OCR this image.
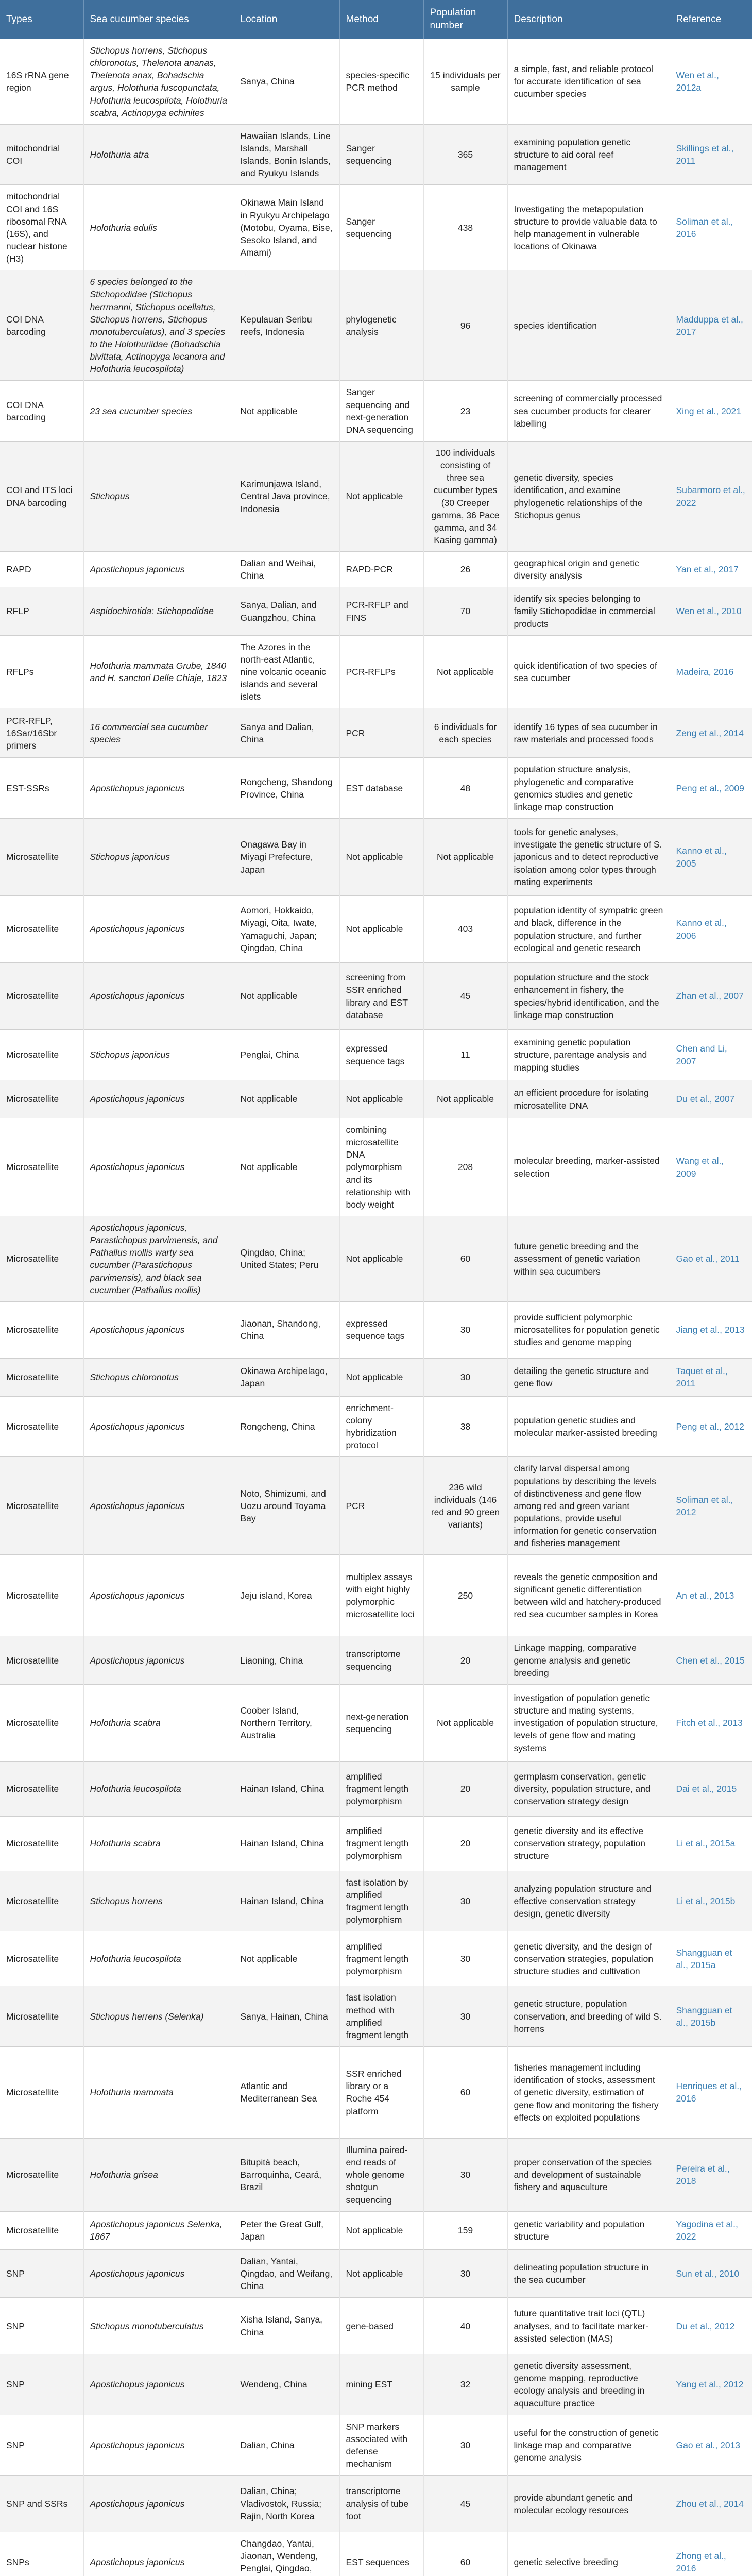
Types	Sea cucumber species	Location	Method	Population number	Description	Reference
16S rRNA gene region	Stichopus horrens, Stichopus chloronotus, Thelenota ananas, Thelenota anax, Bohadschia argus, Holothuria fuscopunctata, Holothuria leucospilota, Holothuria scabra, Actinopyga echinites	Sanya, China	species-specific PCR method	15 individuals per sample	a simple, fast, and reliable protocol for accurate identification of sea cucumber species	Wen et al., 2012a
mitochondrial COI	Holothuria atra	Hawaiian Islands, Line Islands, Marshall Islands, Bonin Islands, and Ryukyu Islands	Sanger sequencing	365	examining population genetic structure to aid coral reef management	Skillings et al., 2011
mitochondrial COI and 16S ribosomal RNA (16S), and nuclear histone (H3)	Holothuria edulis	Okinawa Main Island in Ryukyu Archipelago (Motobu, Oyama, Bise, Sesoko Island, and Amami)	Sanger sequencing	438	Investigating the metapopulation structure to provide valuable data to help management in vulnerable locations of Okinawa	Soliman et al., 2016
COI DNA barcoding	6 species belonged to the Stichopodidae (Stichopus herrmanni, Stichopus ocellatus, Stichopus horrens, Stichopus monotuberculatus), and 3 species to the Holothuriidae (Bohadschia bivittata, Actinopyga lecanora and Holothuria leucospilota)	Kepulauan Seribu reefs, Indonesia	phylogenetic analysis	96	species identification	Madduppa et al., 2017
COI DNA barcoding	23 sea cucumber species	Not applicable	Sanger sequencing and next-generation DNA sequencing	23	screening of commercially processed sea cucumber products for clearer labelling	Xing et al., 2021
COI and ITS loci DNA barcoding	Stichopus	Karimunjawa Island, Central Java province, Indonesia	Not applicable	100 individuals consisting of three sea cucumber types (30 Creeper gamma, 36 Pace gamma, and 34 Kasing gamma)	genetic diversity, species identification, and examine phylogenetic relationships of the Stichopus genus	Subarmoro et al., 2022
RAPD	Apostichopus japonicus	Dalian and Weihai, China	RAPD-PCR	26	geographical origin and genetic diversity analysis	Yan et al., 2017
RFLP	Aspidochirotida: Stichopodidae	Sanya, Dalian, and Guangzhou, China	PCR-RFLP and FINS	70	identify six species belonging to family Stichopodidae in commercial products	Wen et al., 2010
RFLPs	Holothuria mammata Grube, 1840 and H. sanctori Delle Chiaje, 1823	The Azores in the north-east Atlantic, nine volcanic oceanic islands and several islets	PCR-RFLPs	Not applicable	quick identification of two species of sea cucumber	Madeira, 2016
PCR-RFLP, 16Sar/16Sbr primers	16 commercial sea cucumber species	Sanya and Dalian, China	PCR	6 individuals for each species	identify 16 types of sea cucumber in raw materials and processed foods	Zeng et al., 2014
EST-SSRs	Apostichopus japonicus	Rongcheng, Shandong Province, China	EST database	48	population structure analysis, phylogenetic and comparative genomics studies and genetic linkage map construction	Peng et al., 2009
Microsatellite	Stichopus japonicus	Onagawa Bay in Miyagi Prefecture, Japan	Not applicable	Not applicable	tools for genetic analyses, investigate the genetic structure of S. japonicus and to detect reproductive isolation among color types through mating experiments	Kanno et al., 2005
Microsatellite	Apostichopus japonicus	Aomori, Hokkaido, Miyagi, Oita, Iwate, Yamaguchi, Japan; Qingdao, China	Not applicable	403	population identity of sympatric green and black, difference in the population structure, and further ecological and genetic research	Kanno et al., 2006
Microsatellite	Apostichopus japonicus	Not applicable	screening from SSR enriched library and EST database	45	population structure and the stock enhancement in fishery, the species/hybrid identification, and the linkage map construction	Zhan et al., 2007
Microsatellite	Stichopus japonicus	Penglai, China	expressed sequence tags	11	examining genetic population structure, parentage analysis and mapping studies	Chen and Li, 2007
Microsatellite	Apostichopus japonicus	Not applicable	Not applicable	Not applicable	an efficient procedure for isolating microsatellite DNA	Du et al., 2007
Microsatellite	Apostichopus japonicus	Not applicable	combining microsatellite DNA polymorphism and its relationship with body weight	208	molecular breeding, marker-assisted selection	Wang et al., 2009
Microsatellite	Apostichopus japonicus, Parastichopus parvimensis, and Pathallus mollis warty sea cucumber (Parastichopus parvimensis), and black sea cucumber (Pathallus mollis)	Qingdao, China; United States; Peru	Not applicable	60	future genetic breeding and the assessment of genetic variation within sea cucumbers	Gao et al., 2011
Microsatellite	Apostichopus japonicus	Jiaonan, Shandong, China	expressed sequence tags	30	provide sufficient polymorphic microsatellites for population genetic studies and genome mapping	Jiang et al., 2013
Microsatellite	Stichopus chloronotus	Okinawa Archipelago, Japan	Not applicable	30	detailing the genetic structure and gene flow	Taquet et al., 2011
Microsatellite	Apostichopus japonicus	Rongcheng, China	enrichment-colony hybridization protocol	38	population genetic studies and molecular marker-assisted breeding	Peng et al., 2012
Microsatellite	Apostichopus japonicus	Noto, Shimizumi, and Uozu around Toyama Bay	PCR	236 wild individuals (146 red and 90 green variants)	clarify larval dispersal among populations by describing the levels of distinctiveness and gene flow among red and green variant populations, provide useful information for genetic conservation and fisheries management	Soliman et al., 2012
Microsatellite	Apostichopus japonicus	Jeju island, Korea	multiplex assays with eight highly polymorphic microsatellite loci	250	reveals the genetic composition and significant genetic differentiation between wild and hatchery-produced red sea cucumber samples in Korea	An et al., 2013
Microsatellite	Apostichopus japonicus	Liaoning, China	transcriptome sequencing	20	Linkage mapping, comparative genome analysis and genetic breeding	Chen et al., 2015
Microsatellite	Holothuria scabra	Coober Island, Northern Territory, Australia	next-generation sequencing	Not applicable	investigation of population genetic structure and mating systems, investigation of population structure, levels of gene flow and mating systems	Fitch et al., 2013
Microsatellite	Holothuria leucospilota	Hainan Island, China	amplified fragment length polymorphism	20	germplasm conservation, genetic diversity, population structure, and conservation strategy design	Dai et al., 2015
Microsatellite	Holothuria scabra	Hainan Island, China	amplified fragment length polymorphism	20	genetic diversity and its effective conservation strategy, population structure	Li et al., 2015a
Microsatellite	Stichopus horrens	Hainan Island, China	fast isolation by amplified fragment length polymorphism	30	analyzing population structure and effective conservation strategy design, genetic diversity	Li et al., 2015b
Microsatellite	Holothuria leucospilota	Not applicable	amplified fragment length polymorphism	30	genetic diversity, and the design of conservation strategies, population structure studies and cultivation	Shangguan et al., 2015a
Microsatellite	Stichopus herrens (Selenka)	Sanya, Hainan, China	fast isolation method with amplified fragment length	30	genetic structure, population conservation, and breeding of wild S. horrens	Shangguan et al., 2015b
Microsatellite	Holothuria mammata	Atlantic and Mediterranean Sea	SSR enriched library or a Roche 454 platform	60	fisheries management including identification of stocks, assessment of genetic diversity, estimation of gene flow and monitoring the fishery effects on exploited populations	Henriques et al., 2016
Microsatellite	Holothuria grisea	Bitupitá beach, Barroquinha, Ceará, Brazil	Illumina paired-end reads of whole genome shotgun sequencing	30	proper conservation of the species and development of sustainable fishery and aquaculture	Pereira et al., 2018
Microsatellite	Apostichopus japonicus Selenka, 1867	Peter the Great Gulf, Japan	Not applicable	159	genetic variability and population structure	Yagodina et al., 2022
SNP	Apostichopus japonicus	Dalian, Yantai, Qingdao, and Weifang, China	Not applicable	30	delineating population structure in the sea cucumber	Sun et al., 2010
SNP	Stichopus monotuberculatus	Xisha Island, Sanya, China	gene-based	40	future quantitative trait loci (QTL) analyses, and to facilitate marker-assisted selection (MAS)	Du et al., 2012
SNP	Apostichopus japonicus	Wendeng, China	mining EST	32	genetic diversity assessment, genome mapping, reproductive ecology analysis and breeding in aquaculture practice	Yang et al., 2012
SNP	Apostichopus japonicus	Dalian, China	SNP markers associated with defense mechanism	30	useful for the construction of genetic linkage map and comparative genome analysis	Gao et al., 2013
SNP and SSRs	Apostichopus japonicus	Dalian, China; Vladivostok, Russia; Rajin, North Korea	transcriptome analysis of tube foot	45	provide abundant genetic and molecular ecology resources	Zhou et al., 2014
SNPs	Apostichopus japonicus	Changdao, Yantai, Jiaonan, Wendeng, Penglai, Qingdao,	EST sequences	60	genetic selective breeding	Zhong et al., 2016
